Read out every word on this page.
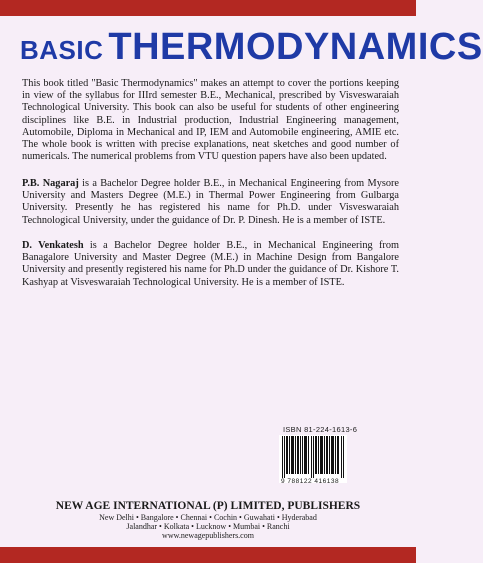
BASIC THERMODYNAMICS

This book titled "Basic Thermodynamics" makes an attempt to cover the portions keeping in view of the syllabus for IIIrd semester B.E., Mechanical, prescribed by Visveswaraiah Technological University. This book can also be useful for students of other engineering disciplines like B.E. in Industrial production, Industrial Engineering management, Automobile, Diploma in Mechanical and IP, IEM and Automobile engineering, AMIE etc. The whole book is written with precise explanations, neat sketches and good number of numericals. The numerical problems from VTU question papers have also been updated.

P.B. Nagaraj is a Bachelor Degree holder B.E., in Mechanical Engineering from Mysore University and Masters Degree (M.E.) in Thermal Power Engineering from Gulbarga University. Presently he has registered his name for Ph.D. under Visveswaraiah Technological University, under the guidance of Dr. P. Dinesh. He is a member of ISTE.

D. Venkatesh is a Bachelor Degree holder B.E., in Mechanical Engineering from Banagalore University and Master Degree (M.E.) in Machine Design from Bangalore University and presently registered his name for Ph.D under the guidance of Dr. Kishore T. Kashyap at Visveswaraiah Technological University. He is a member of ISTE.

ISBN 81-224-1613-6
9 788122 416138
NEW AGE INTERNATIONAL (P) LIMITED, PUBLISHERS
New Delhi • Bangalore • Chennai • Cochin • Guwahati • Hyderabad
Jalandhar • Kolkata • Lucknow • Mumbai • Ranchi
www.newagepublishers.com
